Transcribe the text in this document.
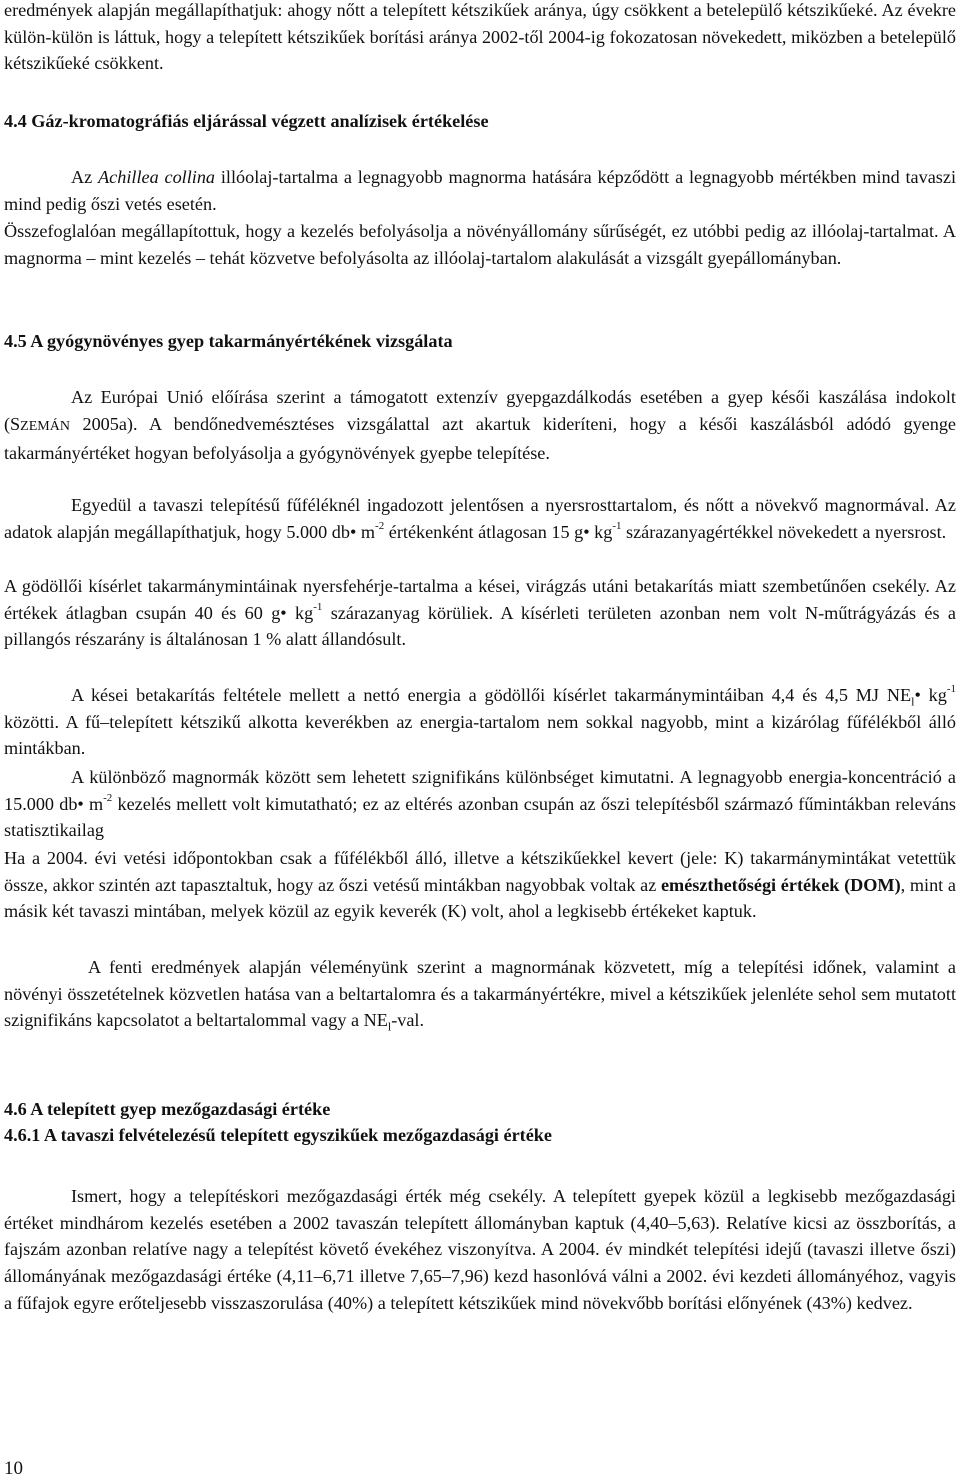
eredmények alapján megállapíthatjuk: ahogy nőtt a telepített kétszikűek aránya, úgy csökkent a betelepülő kétszikűeké. Az évekre külön-külön is láttuk, hogy a telepített kétszikűek borítási aránya 2002-től 2004-ig fokozatosan növekedett, miközben a betelepülő kétszikűeké csökkent.

4.4 Gáz-kromatográfiás eljárással végzett analízisek értékelése

Az Achillea collina illóolaj-tartalma a legnagyobb magnorma hatására képződött a legnagyobb mértékben mind tavaszi mind pedig őszi vetés esetén.

Összefoglalóan megállapítottuk, hogy a kezelés befolyásolja a növényállomány sűrűségét, ez utóbbi pedig az illóolaj-tartalmat. A magnorma – mint kezelés – tehát közvetve befolyásolta az illóolaj-tartalom alakulását a vizsgált gyepállományban.

4.5 A gyógynövényes gyep takarmányértékének vizsgálata

Az Európai Unió előírása szerint a támogatott extenzív gyepgazdálkodás esetében a gyep késői kaszálása indokolt (SZEMÁN 2005a). A bendőnedvemésztéses vizsgálattal azt akartuk kideríteni, hogy a késői kaszálásból adódó gyenge takarmányértéket hogyan befolyásolja a gyógynövények gyepbe telepítése.

Egyedül a tavaszi telepítésű fűféléknél ingadozott jelentősen a nyersrosttartalom, és nőtt a növekvő magnormával. Az adatok alapján megállapíthatjuk, hogy 5.000 db• $m^{-2}$ értékenként átlagosan 15 g• $kg^{-1}$ szárazanyagértékkel növekedett a nyersrost.

A gödöllői kísérlet takarmánymintáinak nyersfehérje-tartalma a kései, virágzás utáni betakarítás miatt szembetűnően csekély. Az értékek átlagban csupán 40 és 60 g• $kg^{-1}$ szárazanyag körüliek. A kísérleti területen azonban nem volt N-műtrágyázás és a pillangós részarány is általánosan 1 % alatt állandósult.

A kései betakarítás feltétele mellett a nettó energia a gödöllői kísérlet takarmánymintáiban 4,4 és 4,5 MJ $NE_l•$ $kg^{-1}$ közötti. A fű–telepített kétszikű alkotta keverékben az energia-tartalom nem sokkal nagyobb, mint a kizárólag fűfélékből álló mintákban.

A különböző magnormák között sem lehetett szignifikáns különbséget kimutatni. A legnagyobb energia-koncentráció a 15.000 db• $m^{-2}$ kezelés mellett volt kimutatható; ez az eltérés azonban csupán az őszi telepítésből származó fűmintákban releváns statisztikailag

Ha a 2004. évi vetési időpontokban csak a fűfélékből álló, illetve a kétszikűekkel kevert (jele: K) takarmánymintákat vetettük össze, akkor szintén azt tapasztaltuk, hogy az őszi vetésű mintákban nagyobbak voltak az emészthetőségi értékek (DOM), mint a másik két tavaszi mintában, melyek közül az egyik keverék (K) volt, ahol a legkisebb értékeket kaptuk.

A fenti eredmények alapján véleményünk szerint a magnormának közvetett, míg a telepítési időnek, valamint a növényi összetételnek közvetlen hatása van a beltartalomra és a takarmányértékre, mivel a kétszikűek jelenléte sehol sem mutatott szignifikáns kapcsolatot a beltartalommal vagy a $NE_l$-val.

4.6 A telepített gyep mezőgazdasági értéke
4.6.1 A tavaszi felvételezésű telepített egyszikűek mezőgazdasági értéke

Ismert, hogy a telepítéskori mezőgazdasági érték még csekély. A telepített gyepek közül a legkisebb mezőgazdasági értéket mindhárom kezelés esetében a 2002 tavaszán telepített állományban kaptuk (4,40–5,63). Relatíve kicsi az összborítás, a fajszám azonban relatíve nagy a telepítést követő évekéhez viszonyítva. A 2004. év mindkét telepítési idejű (tavaszi illetve őszi) állományának mezőgazdasági értéke (4,11–6,71 illetve 7,65–7,96) kezd hasonlóvá válni a 2002. évi kezdeti állományéhoz, vagyis a fűfajok egyre erőteljesebb visszaszorulása (40%) a telepített kétszikűek mind növekvőbb borítási előnyének (43%) kedvez.

10
